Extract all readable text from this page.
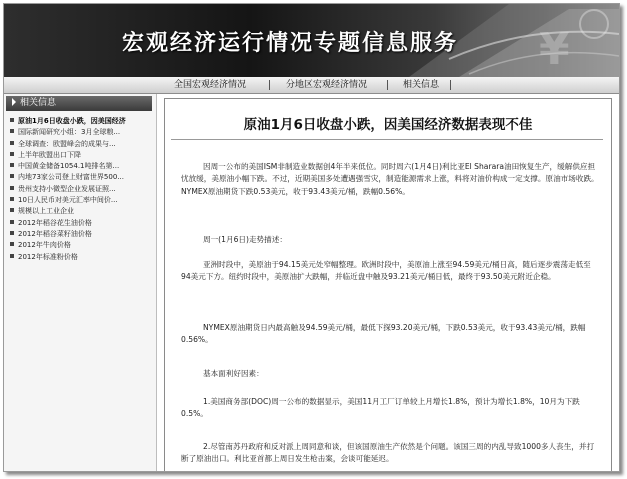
¥
宏观经济运行情况专题信息服务
全国宏观经济情况	分地区宏观经济情况	相关信息
相关信息
原油1月6日收盘小跌，因美国经济
国际新闻研究小组：3月全球粮...
全球调查：欧盟峰会的成果与...
上半年欧盟出口下降
中国黄金储备1054.1吨排名第...
内地73家公司登上财富世界500...
贵州支持小微型企业发展证照...
10日人民币对美元汇率中间价...
规模以上工业企业
2012年稻谷花生油价格
2012年稻谷菜籽油价格
2012年牛肉价格
2012年标准粉价格
原油1月6日收盘小跌，因美国经济数据表现不佳
因周一公布的美国ISM非制造业数据创4年半来低位。同时周六(1月4日)利比亚El Sharara油田恢复生产，缓解供应担忧放缓，美原油小幅下跌。不过，近期美国多处遭遇强雪灾，制造能源需求上涨，料将对油价构成一定支撑。原油市场收跌。NYMEX原油期货下跌0.53美元，收于93.43美元/桶，跌幅0.56%。
周一(1月6日)走势描述：
亚洲时段中，美原油于94.15美元处窄幅整理。欧洲时段中，美原油上涨至94.59美元/桶日高，随后逐步震荡走低至94美元下方。纽约时段中，美原油扩大跌幅，并临近盘中触及93.21美元/桶日低，最终于93.50美元附近企稳。
NYMEX原油期货日内最高触及94.59美元/桶，最低下探93.20美元/桶，下跌0.53美元，收于93.43美元/桶，跌幅0.56%。
基本面利好因素：
1.美国商务部(DOC)周一公布的数据显示，美国11月工厂订单较上月增长1.8%，预计为增长1.8%，10月为下跌0.5%。
2.尽管南苏丹政府和反对派上周同意和谈，但该国原油生产依然是个问题。该国三周的内乱导致1000多人丧生，并打断了原油出口。利比亚首都上周日发生枪击案，会谈可能延迟。
